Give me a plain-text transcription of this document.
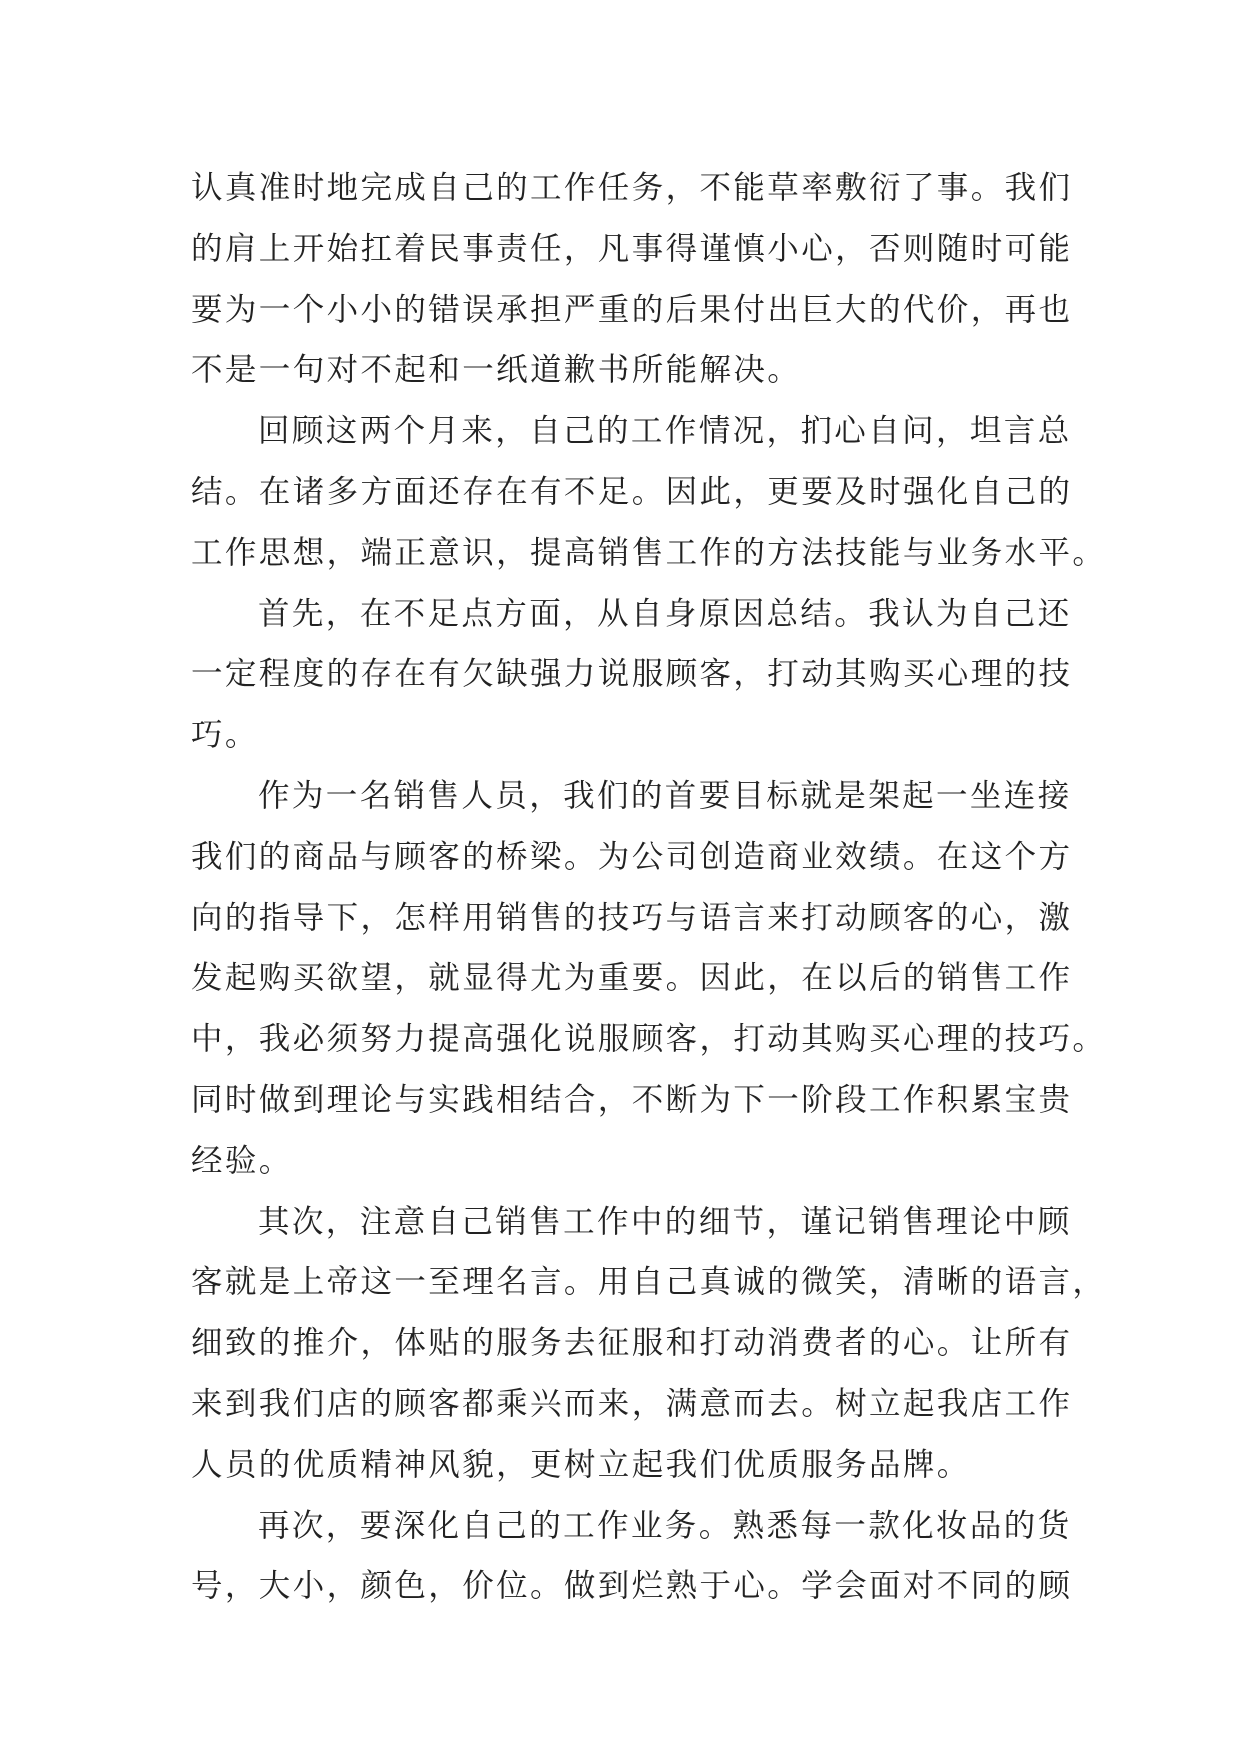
认真准时地完成自己的工作任务，不能草率敷衍了事。我们
的肩上开始扛着民事责任，凡事得谨慎小心，否则随时可能
要为一个小小的错误承担严重的后果付出巨大的代价，再也
不是一句对不起和一纸道歉书所能解决。
回顾这两个月来，自己的工作情况，扪心自问，坦言总
结。在诸多方面还存在有不足。因此，更要及时强化自己的
工作思想，端正意识，提高销售工作的方法技能与业务水平。
首先，在不足点方面，从自身原因总结。我认为自己还
一定程度的存在有欠缺强力说服顾客，打动其购买心理的技
巧。
作为一名销售人员，我们的首要目标就是架起一坐连接
我们的商品与顾客的桥梁。为公司创造商业效绩。在这个方
向的指导下，怎样用销售的技巧与语言来打动顾客的心，激
发起购买欲望，就显得尤为重要。因此，在以后的销售工作
中，我必须努力提高强化说服顾客，打动其购买心理的技巧。
同时做到理论与实践相结合，不断为下一阶段工作积累宝贵
经验。
其次，注意自己销售工作中的细节，谨记销售理论中顾
客就是上帝这一至理名言。用自己真诚的微笑，清晰的语言，
细致的推介，体贴的服务去征服和打动消费者的心。让所有
来到我们店的顾客都乘兴而来，满意而去。树立起我店工作
人员的优质精神风貌，更树立起我们优质服务品牌。
再次，要深化自己的工作业务。熟悉每一款化妆品的货
号，大小，颜色，价位。做到烂熟于心。学会面对不同的顾
